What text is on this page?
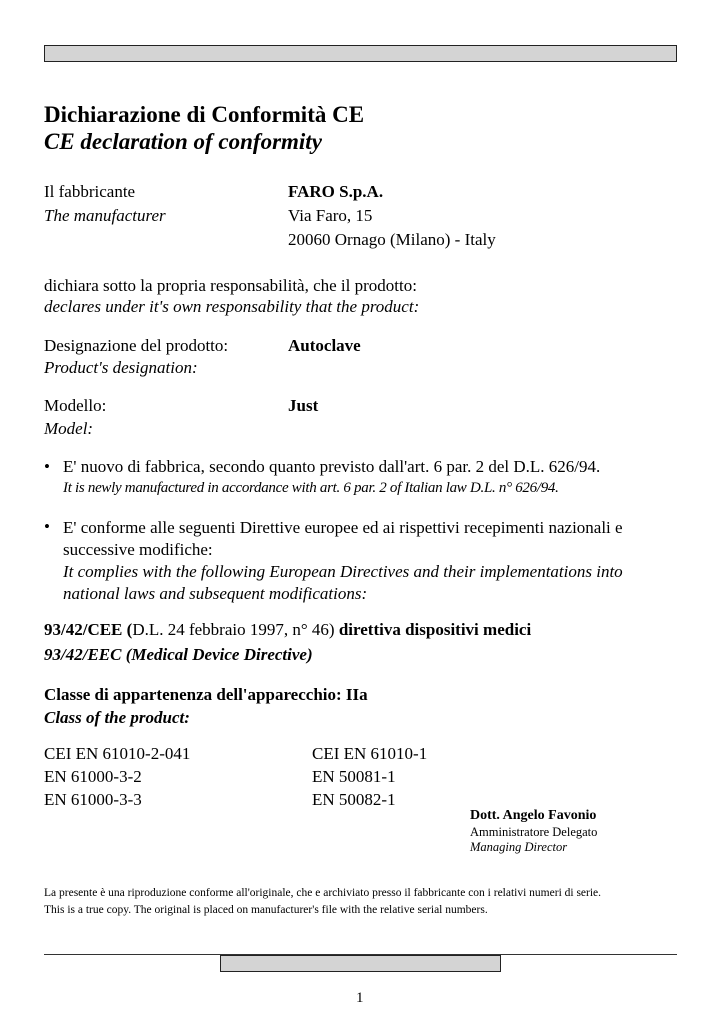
Dichiarazione di Conformità CE
CE declaration of conformity
Il fabbricante
The manufacturer
FARO S.p.A.
Via Faro, 15
20060 Ornago (Milano) - Italy
dichiara sotto la propria responsabilità, che il prodotto:
declares under it's own responsability that the product:
Designazione del prodotto:
Product's designation:
Autoclave
Modello:
Model:
Just
• E' nuovo di fabbrica, secondo quanto previsto dall'art. 6 par. 2 del D.L. 626/94.
It is newly manufactured in accordance with art. 6 par. 2 of Italian law D.L. n° 626/94.
• E' conforme alle seguenti Direttive europee ed ai rispettivi recepimenti nazionali e successive modifiche:
It complies with the following European Directives and their implementations into national laws and subsequent modifications:
93/42/CEE (D.L. 24 febbraio 1997, n° 46) direttiva dispositivi medici
93/42/EEC (Medical Device Directive)
Classe di appartenenza dell'apparecchio: IIa
Class of the product:
CEI EN 61010-2-041
EN 61000-3-2
EN 61000-3-3
CEI EN 61010-1
EN 50081-1
EN 50082-1
Dott. Angelo Favonio
Amministratore Delegato
Managing Director
La presente è una riproduzione conforme all'originale, che e archiviato presso il fabbricante con i relativi numeri di serie.
This is a true copy. The original is placed on manufacturer's file with the relative serial numbers.
1
